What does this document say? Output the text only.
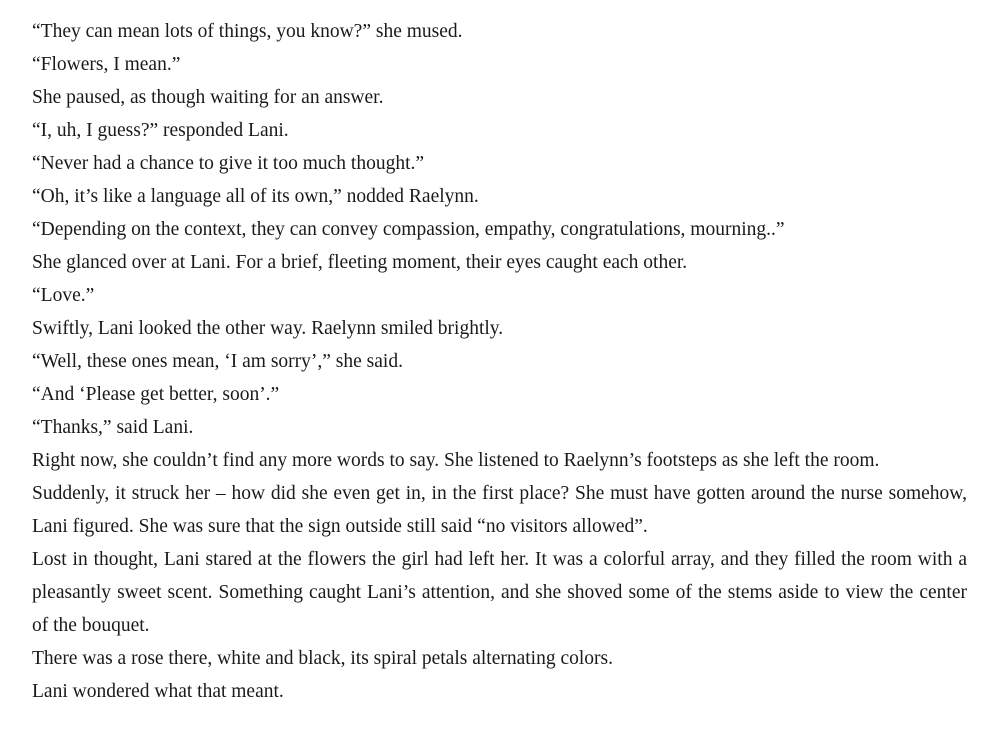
“They can mean lots of things, you know?” she mused.

“Flowers, I mean.”

She paused, as though waiting for an answer.

“I, uh, I guess?” responded Lani.

“Never had a chance to give it too much thought.”

“Oh, it’s like a language all of its own,” nodded Raelynn.

“Depending on the context, they can convey compassion, empathy, congratulations, mourning..”

She glanced over at Lani. For a brief, fleeting moment, their eyes caught each other.

“Love.”

Swiftly, Lani looked the other way. Raelynn smiled brightly.

“Well, these ones mean, ‘I am sorry’,” she said.

“And ‘Please get better, soon’.”

“Thanks,” said Lani.

Right now, she couldn’t find any more words to say. She listened to Raelynn’s footsteps as she left the room.

Suddenly, it struck her – how did she even get in, in the first place? She must have gotten around the nurse somehow, Lani figured. She was sure that the sign outside still said “no visitors allowed”.

Lost in thought, Lani stared at the flowers the girl had left her. It was a colorful array, and they filled the room with a pleasantly sweet scent. Something caught Lani’s attention, and she shoved some of the stems aside to view the center of the bouquet.

There was a rose there, white and black, its spiral petals alternating colors.

Lani wondered what that meant.
